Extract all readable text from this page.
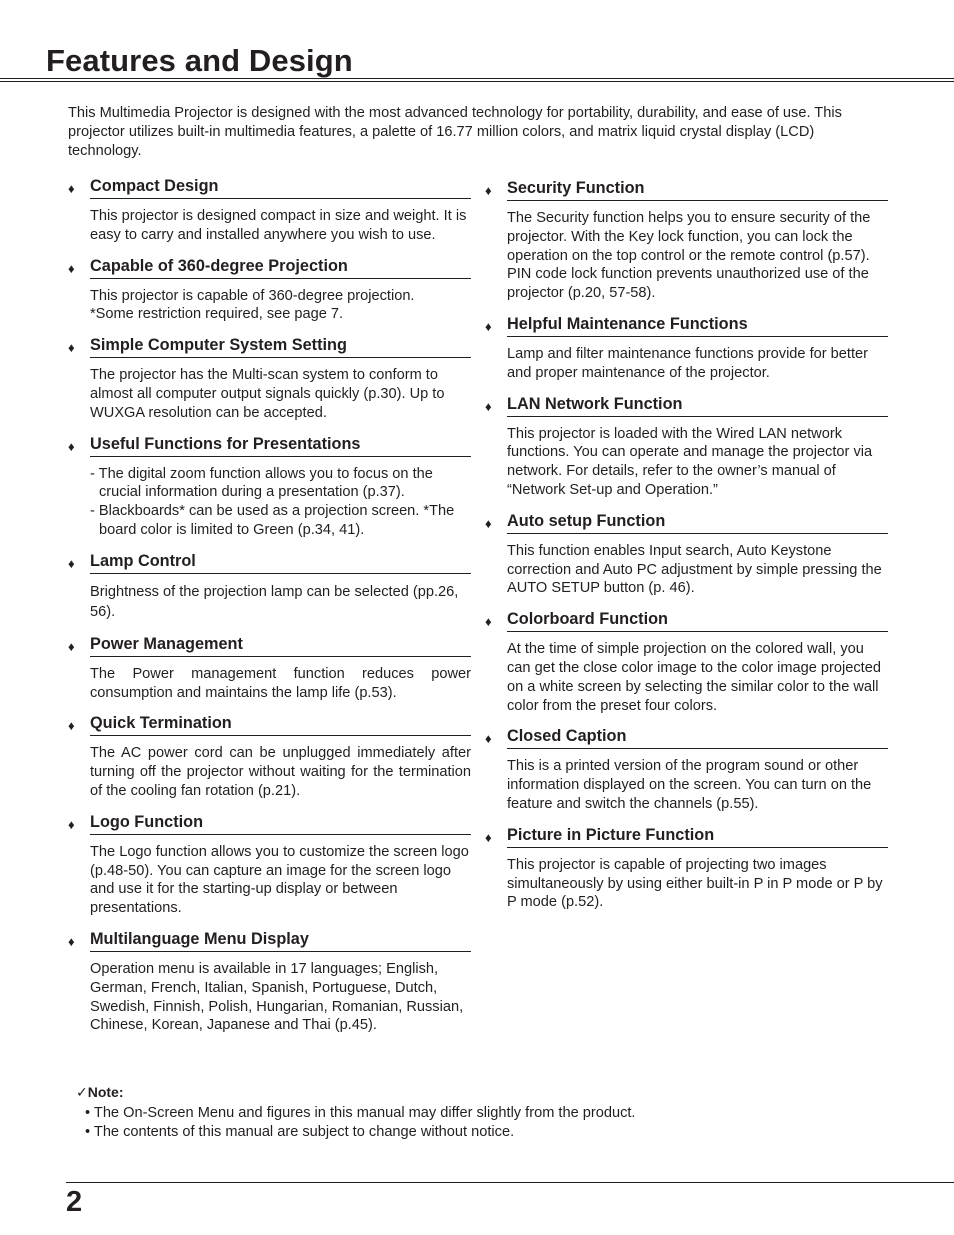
Features and Design

This Multimedia Projector is designed with the most advanced technology for portability, durability, and ease of use. This projector utilizes built-in multimedia features, a palette of 16.77 million colors, and matrix liquid crystal display (LCD) technology.

♦ Compact Design

This projector is designed compact in size and weight. It is easy to carry and installed anywhere you wish to use.

♦ Capable of 360-degree Projection

This projector is capable of 360-degree projection.

*Some restriction required, see page 7.

♦ Simple Computer System Setting

The projector has the Multi-scan system to conform to almost all computer output signals quickly (p.30). Up to WUXGA resolution can be accepted.

♦ Useful Functions for Presentations

- The digital zoom function allows you to focus on the crucial information during a presentation (p.37).

- Blackboards* can be used as a projection screen. *The board color is limited to Green (p.34, 41).

♦ Lamp Control

Brightness of the projection lamp can be selected (pp.26, 56).

♦ Power Management

The Power management function reduces power consumption and maintains the lamp life (p.53).

♦ Quick Termination

The AC power cord can be unplugged immediately after turning off the projector without waiting for the termination of the cooling fan rotation (p.21).

♦ Logo Function

The Logo function allows you to customize the screen logo (p.48-50). You can capture an image for the screen logo and use it for the starting-up display or between presentations.

♦ Multilanguage Menu Display

Operation menu is available in 17 languages; English, German, French, Italian, Spanish, Portuguese, Dutch, Swedish, Finnish, Polish, Hungarian, Romanian, Russian, Chinese, Korean, Japanese and Thai (p.45).

♦ Security Function

The Security function helps you to ensure security of the projector. With the Key lock function, you can lock the operation on the top control or the remote control (p.57). PIN code lock function prevents unauthorized use of the projector (p.20, 57-58).

♦ Helpful Maintenance Functions

Lamp and filter maintenance functions provide for better and proper maintenance of the projector.

♦ LAN Network Function

This projector is loaded with the Wired LAN network functions. You can operate and manage the projector via network. For details, refer to the owner’s manual of “Network Set-up and Operation.”

♦ Auto setup Function

This function enables Input search, Auto Keystone correction and Auto PC adjustment by simple pressing the AUTO SETUP button (p. 46).

♦ Colorboard Function

At the time of simple projection on the colored wall, you can get the close color image to the color image projected on a white screen by selecting the similar color to the wall color from the preset four colors.

♦ Closed Caption

This is a printed version of the program sound or other information displayed on the screen. You can turn on the feature and switch the channels (p.55).

♦ Picture in Picture Function

This projector is capable of projecting two images simultaneously by using either built-in P in P mode or P by P mode (p.52).

✓Note:
• The On-Screen Menu and figures in this manual may differ slightly from the product.
• The contents of this manual are subject to change without notice.
2
